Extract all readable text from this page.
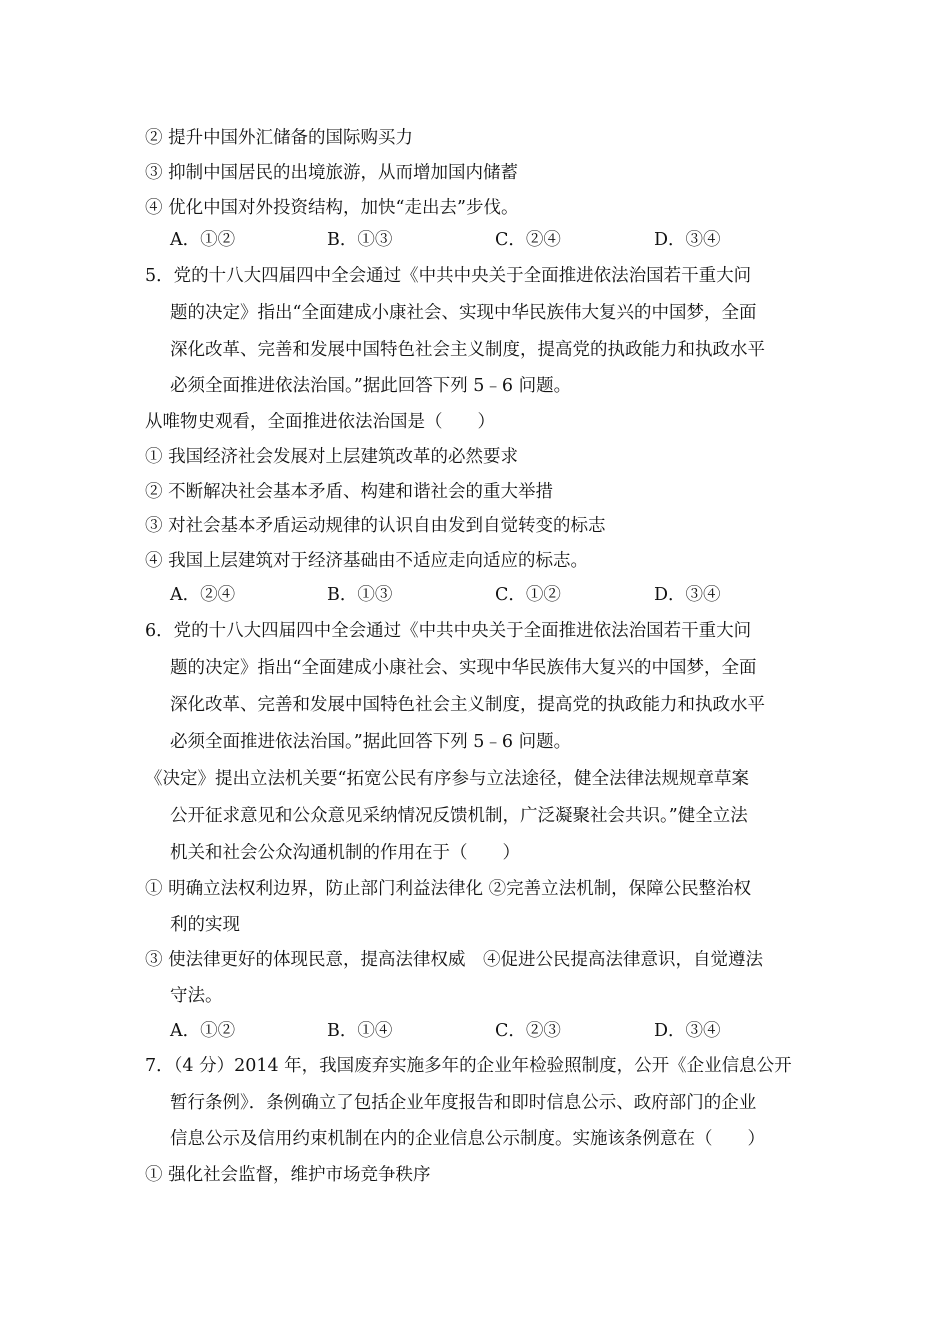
② 提升中国外汇储备的国际购买力
③ 抑制中国居民的出境旅游，从而增加国内储蓄
④ 优化中国对外投资结构，加快“走出去”步伐。
A．①②	B．①③	C．②④	D．③④
5．党的十八大四届四中全会通过《中共中央关于全面推进依法治国若干重大问
题的决定》指出“全面建成小康社会、实现中华民族伟大复兴的中国梦，全面
深化改革、完善和发展中国特色社会主义制度，提高党的执政能力和执政水平
必须全面推进依法治国。”据此回答下列 5﹣6 问题。
从唯物史观看，全面推进依法治国是（　　）
① 我国经济社会发展对上层建筑改革的必然要求
② 不断解决社会基本矛盾、构建和谐社会的重大举措
③ 对社会基本矛盾运动规律的认识自由发到自觉转变的标志
④ 我国上层建筑对于经济基础由不适应走向适应的标志。
A．②④	B．①③	C．①②	D．③④
6．党的十八大四届四中全会通过《中共中央关于全面推进依法治国若干重大问
题的决定》指出“全面建成小康社会、实现中华民族伟大复兴的中国梦，全面
深化改革、完善和发展中国特色社会主义制度，提高党的执政能力和执政水平
必须全面推进依法治国。”据此回答下列 5﹣6 问题。
《决定》提出立法机关要“拓宽公民有序参与立法途径，健全法律法规规章草案
公开征求意见和公众意见采纳情况反馈机制，广泛凝聚社会共识。”健全立法
机关和社会公众沟通机制的作用在于（　　）
① 明确立法权利边界，防止部门利益法律化 ②完善立法机制，保障公民整治权
利的实现
③ 使法律更好的体现民意，提高法律权威　④促进公民提高法律意识，自觉遵法
守法。
A．①②	B．①④	C．②③	D．③④
7．（4 分）2014 年，我国废弃实施多年的企业年检验照制度，公开《企业信息公开
暂行条例》．条例确立了包括企业年度报告和即时信息公示、政府部门的企业
信息公示及信用约束机制在内的企业信息公示制度。实施该条例意在（　　）
① 强化社会监督，维护市场竞争秩序
